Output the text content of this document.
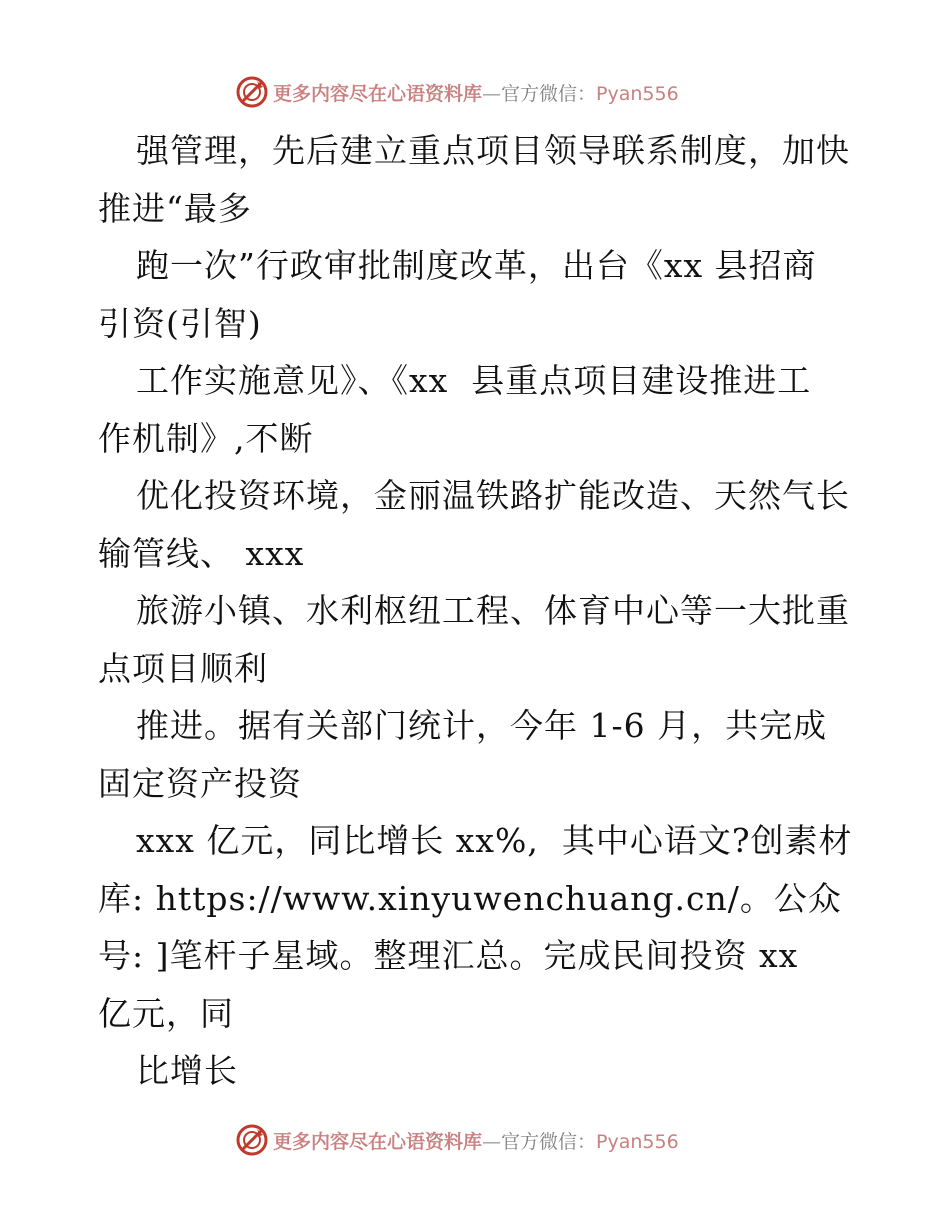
更多内容尽在心语资料库—官方微信：Pyan556
强管理，先后建立重点项目领导联系制度，加快
推进“最多
跑一次”行政审批制度改革，出台《xx 县招商
引资(引智)
工作实施意见》、《xx  县重点项目建设推进工
作机制》,不断
优化投资环境，金丽温铁路扩能改造、天然气长
输管线、 xxx
旅游小镇、水利枢纽工程、体育中心等一大批重
点项目顺利
推进。据有关部门统计，今年 1-6 月，共完成
固定资产投资
xxx 亿元，同比增长 xx%,  其中心语文?创素材
库: https://www.xinyuwenchuang.cn/。公众
号: ]笔杆子星域。整理汇总。完成民间投资 xx
亿元，同
比增长
更多内容尽在心语资料库—官方微信：Pyan556
